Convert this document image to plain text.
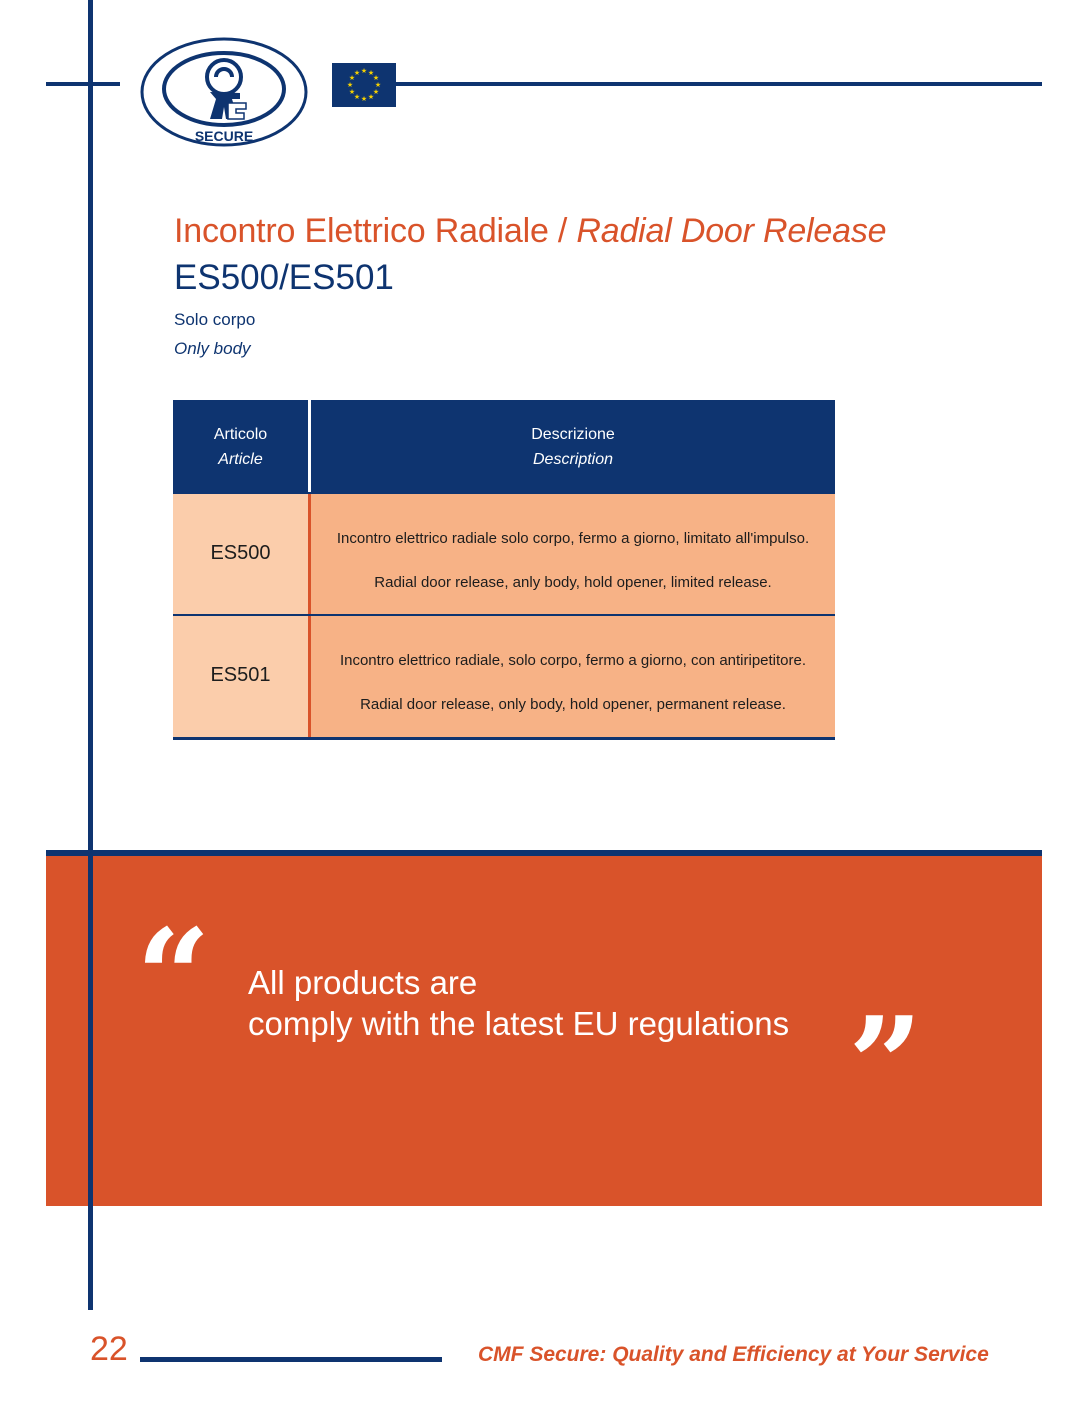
SECURE
★ ★
★
★
★
★
★
★
★
★
★
★
Incontro Elettrico Radiale / Radial Door Release
ES500/ES501
Solo corpo
Only body
Articolo
Article
Descrizione
Description
ES500
Incontro elettrico radiale solo corpo, fermo a giorno, limitato all'impulso.
Radial door release, anly body, hold opener, limited release.
ES501
Incontro elettrico radiale, solo corpo, fermo a giorno, con antiripetitore.
Radial door release, only body, hold opener, permanent release.
“ All products are
comply with the latest EU regulations ”
22	CMF Secure: Quality and Efficiency at Your Service
